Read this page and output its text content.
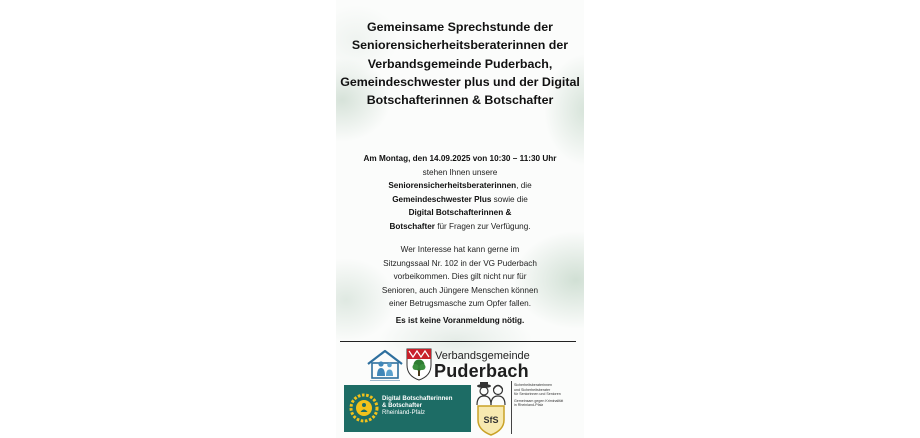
Gemeinsame Sprechstunde der Seniorensicherheitsberaterinnen der Verbandsgemeinde Puderbach, Gemeindeschwester plus und der Digital Botschafterinnen & Botschafter
Am Montag, den 14.09.2025 von 10:30 – 11:30 Uhr
stehen Ihnen unsere
Seniorensicherheitsberaterinnen, die
Gemeindeschwester Plus sowie die
Digital Botschafterinnen &
Botschafter für Fragen zur Verfügung.
Wer Interesse hat kann gerne im
Sitzungssaal Nr. 102 in der VG Puderbach
vorbeikommen. Dies gilt nicht nur für
Senioren, auch Jüngere Menschen können
einer Betrugsmasche zum Opfer fallen.
Es ist keine Voranmeldung nötig.
Verbandsgemeinde
Puderbach
Digital Botschafterinnen
& Botschafter
Rheinland-Pfalz
SfS
Sicherheitsberaterinnen
und Sicherheitsberater
für Seniorinnen und Senioren
Gemeinsam gegen Kriminalität
in Rheinland-Pfalz
